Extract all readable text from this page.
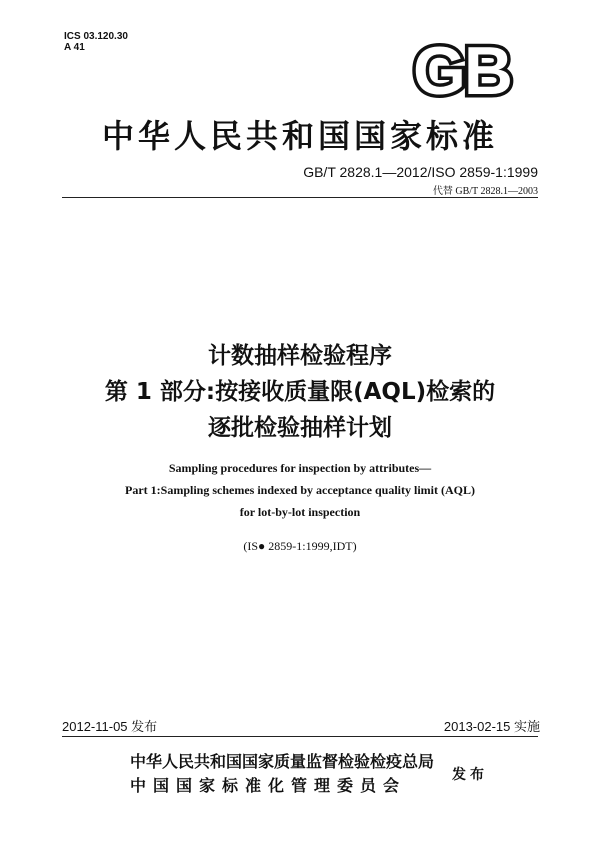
ICS 03.120.30
A 41	GB
中华人民共和国国家标准
GB/T 2828.1—2012/ISO 2859-1:1999
代替 GB/T 2828.1—2003
计数抽样检验程序
第 1 部分:按接收质量限(AQL)检索的
逐批检验抽样计划
Sampling procedures for inspection by attributes—
Part 1:Sampling schemes indexed by acceptance quality limit (AQL)
for lot-by-lot inspection
(IS● 2859-1:1999,IDT)
2012-11-05 发布	2013-02-15 实施
中华人民共和国国家质量监督检验检疫总局
中国国家标准化管理委员会
发布
